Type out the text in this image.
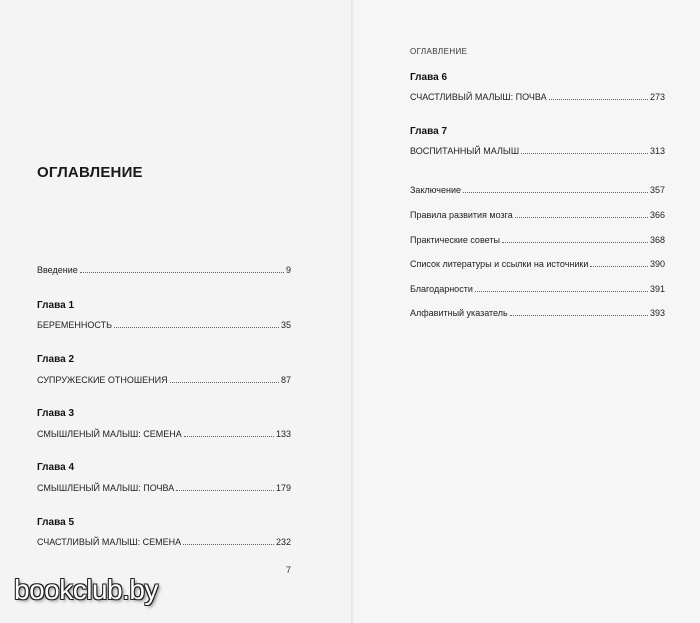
ОГЛАВЛЕНИЕ
Введение	9
Глава 1
БЕРЕМЕННОСТЬ	35
Глава 2
СУПРУЖЕСКИЕ ОТНОШЕНИЯ	87
Глава 3
СМЫШЛЕНЫЙ МАЛЫШ: СЕМЕНА	133
Глава 4
СМЫШЛЕНЫЙ МАЛЫШ: ПОЧВА	179
Глава 5
СЧАСТЛИВЫЙ МАЛЫШ: СЕМЕНА	232
7
ОГЛАВЛЕНИЕ
Глава 6
СЧАСТЛИВЫЙ МАЛЫШ: ПОЧВА	273
Глава 7
ВОСПИТАННЫЙ МАЛЫШ	313
Заключение	357
Правила развития мозга	366
Практические советы	368
Список литературы и ссылки на источники	390
Благодарности	391
Алфавитный указатель	393
bookclub.by
